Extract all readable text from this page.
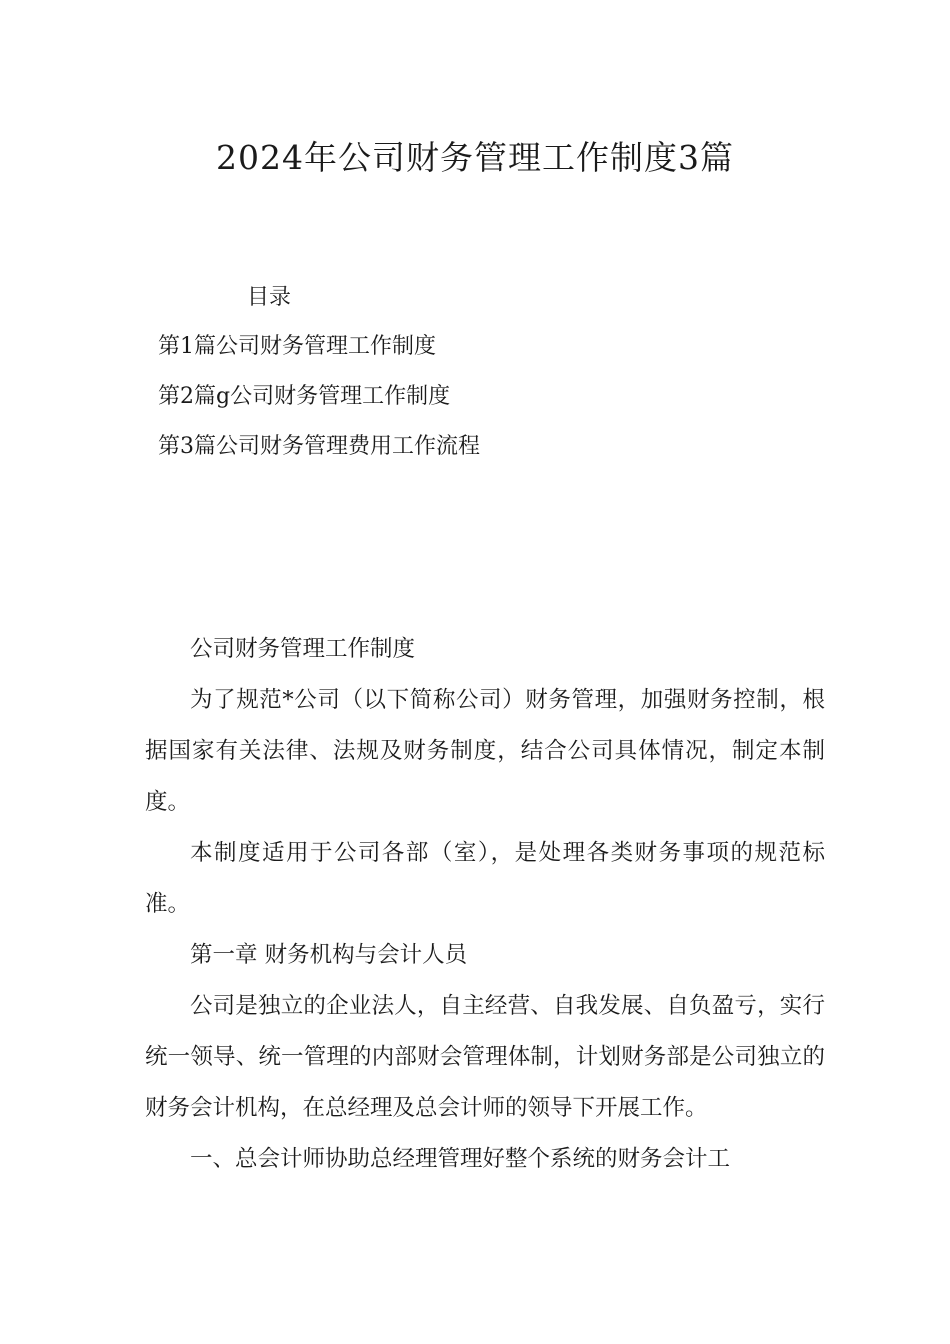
2024年公司财务管理工作制度3篇
目录
第1篇公司财务管理工作制度
第2篇g公司财务管理工作制度
第3篇公司财务管理费用工作流程

公司财务管理工作制度

为了规范*公司（以下简称公司）财务管理，加强财务控制，根据国家有关法律、法规及财务制度，结合公司具体情况，制定本制度。

本制度适用于公司各部（室），是处理各类财务事项的规范标准。

第一章 财务机构与会计人员

公司是独立的企业法人，自主经营、自我发展、自负盈亏，实行统一领导、统一管理的内部财会管理体制，计划财务部是公司独立的财务会计机构，在总经理及总会计师的领导下开展工作。

一、总会计师协助总经理管理好整个系统的财务会计工
